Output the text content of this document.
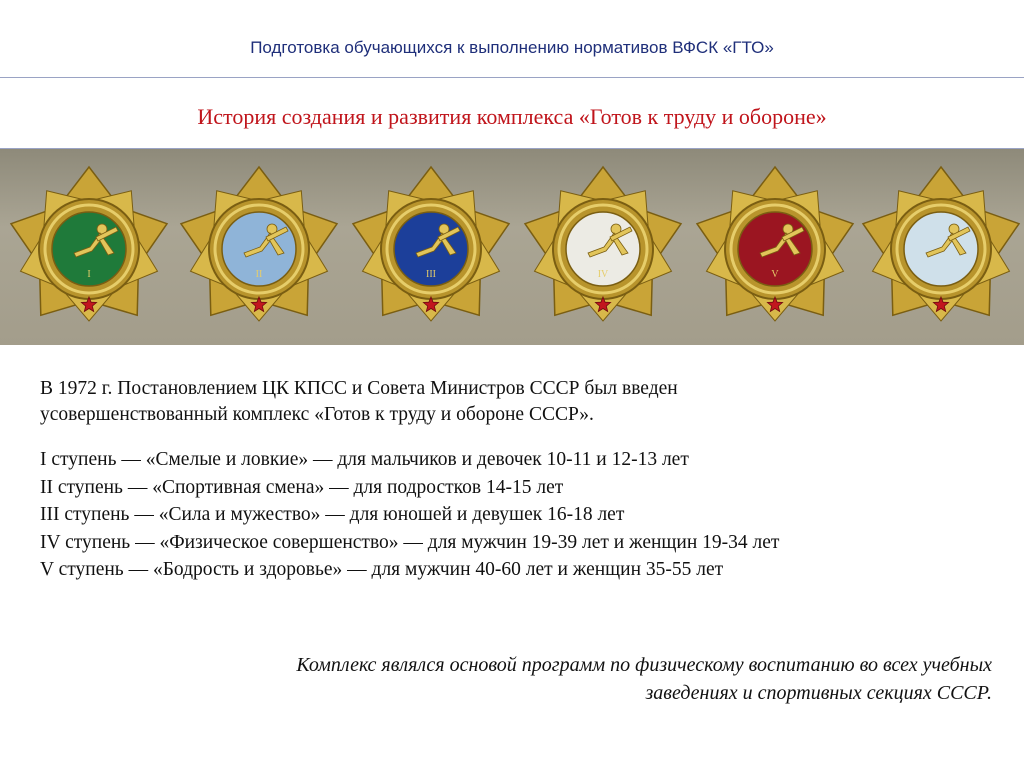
Подготовка обучающихся к выполнению нормативов ВФСК «ГТО»
История создания и развития комплекса «Готов к труду и обороне»
I	II	III	IV	V
В 1972 г. Постановлением ЦК КПСС и Совета Министров СССР был введен
усовершенствованный комплекс «Готов к труду и обороне СССР».
I ступень — «Смелые и ловкие» — для мальчиков и девочек 10-11 и 12-13 лет
II ступень — «Спортивная смена» — для подростков 14-15 лет
III ступень — «Сила и мужество» — для юношей и девушек 16-18 лет
IV ступень — «Физическое совершенство» — для мужчин 19-39 лет и женщин 19-34 лет
V ступень — «Бодрость и здоровье» — для мужчин 40-60 лет и женщин 35-55 лет
Комплекс являлся основой программ по физическому воспитанию во всех учебных
заведениях и спортивных секциях СССР.
